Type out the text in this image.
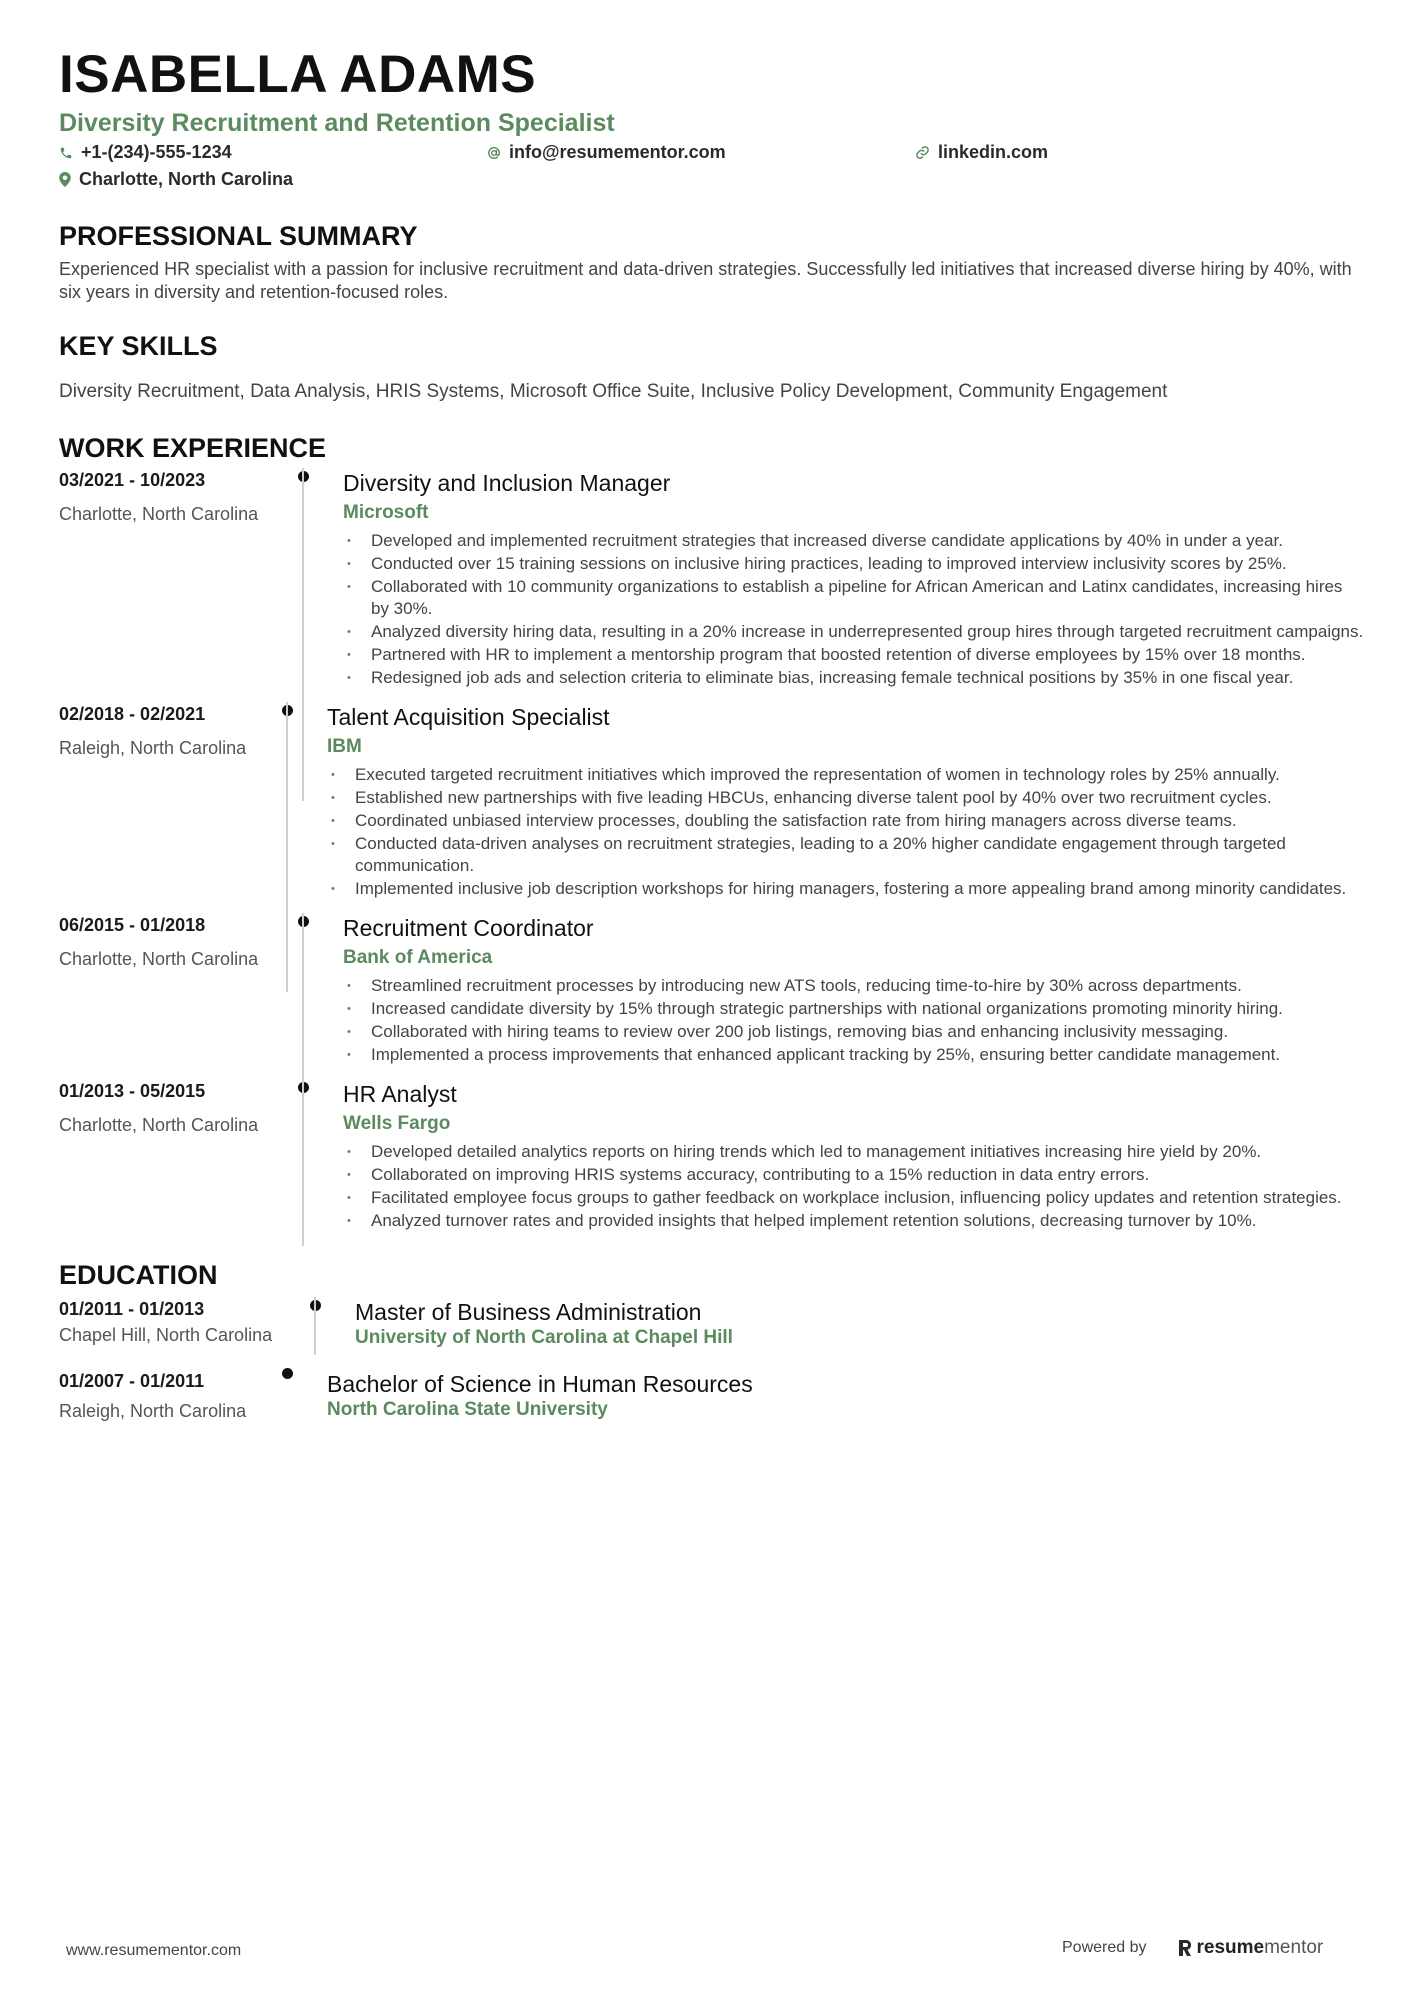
ISABELLA ADAMS
Diversity Recruitment and Retention Specialist
+1-(234)-555-1234	info@resumementor.com	linkedin.com
Charlotte, North Carolina
PROFESSIONAL SUMMARY
Experienced HR specialist with a passion for inclusive recruitment and data-driven strategies. Successfully led initiatives that increased diverse hiring by 40%, with six years in diversity and retention-focused roles.
KEY SKILLS
Diversity Recruitment, Data Analysis, HRIS Systems, Microsoft Office Suite, Inclusive Policy Development, Community Engagement
WORK EXPERIENCE
03/2021 - 10/2023
Charlotte, North Carolina
Diversity and Inclusion Manager
Microsoft
• Developed and implemented recruitment strategies that increased diverse candidate applications by 40% in under a year.
• Conducted over 15 training sessions on inclusive hiring practices, leading to improved interview inclusivity scores by 25%.
• Collaborated with 10 community organizations to establish a pipeline for African American and Latinx candidates, increasing hires by 30%.
• Analyzed diversity hiring data, resulting in a 20% increase in underrepresented group hires through targeted recruitment campaigns.
• Partnered with HR to implement a mentorship program that boosted retention of diverse employees by 15% over 18 months.
• Redesigned job ads and selection criteria to eliminate bias, increasing female technical positions by 35% in one fiscal year.
02/2018 - 02/2021
Raleigh, North Carolina
Talent Acquisition Specialist
IBM
• Executed targeted recruitment initiatives which improved the representation of women in technology roles by 25% annually.
• Established new partnerships with five leading HBCUs, enhancing diverse talent pool by 40% over two recruitment cycles.
• Coordinated unbiased interview processes, doubling the satisfaction rate from hiring managers across diverse teams.
• Conducted data-driven analyses on recruitment strategies, leading to a 20% higher candidate engagement through targeted communication.
• Implemented inclusive job description workshops for hiring managers, fostering a more appealing brand among minority candidates.
06/2015 - 01/2018
Charlotte, North Carolina
Recruitment Coordinator
Bank of America
• Streamlined recruitment processes by introducing new ATS tools, reducing time-to-hire by 30% across departments.
• Increased candidate diversity by 15% through strategic partnerships with national organizations promoting minority hiring.
• Collaborated with hiring teams to review over 200 job listings, removing bias and enhancing inclusivity messaging.
• Implemented a process improvements that enhanced applicant tracking by 25%, ensuring better candidate management.
01/2013 - 05/2015
Charlotte, North Carolina
HR Analyst
Wells Fargo
• Developed detailed analytics reports on hiring trends which led to management initiatives increasing hire yield by 20%.
• Collaborated on improving HRIS systems accuracy, contributing to a 15% reduction in data entry errors.
• Facilitated employee focus groups to gather feedback on workplace inclusion, influencing policy updates and retention strategies.
• Analyzed turnover rates and provided insights that helped implement retention solutions, decreasing turnover by 10%.
EDUCATION
01/2011 - 01/2013
Chapel Hill, North Carolina
Master of Business Administration
University of North Carolina at Chapel Hill
01/2007 - 01/2011
Raleigh, North Carolina
Bachelor of Science in Human Resources
North Carolina State University
www.resumementor.com	Powered by	resume mentor
